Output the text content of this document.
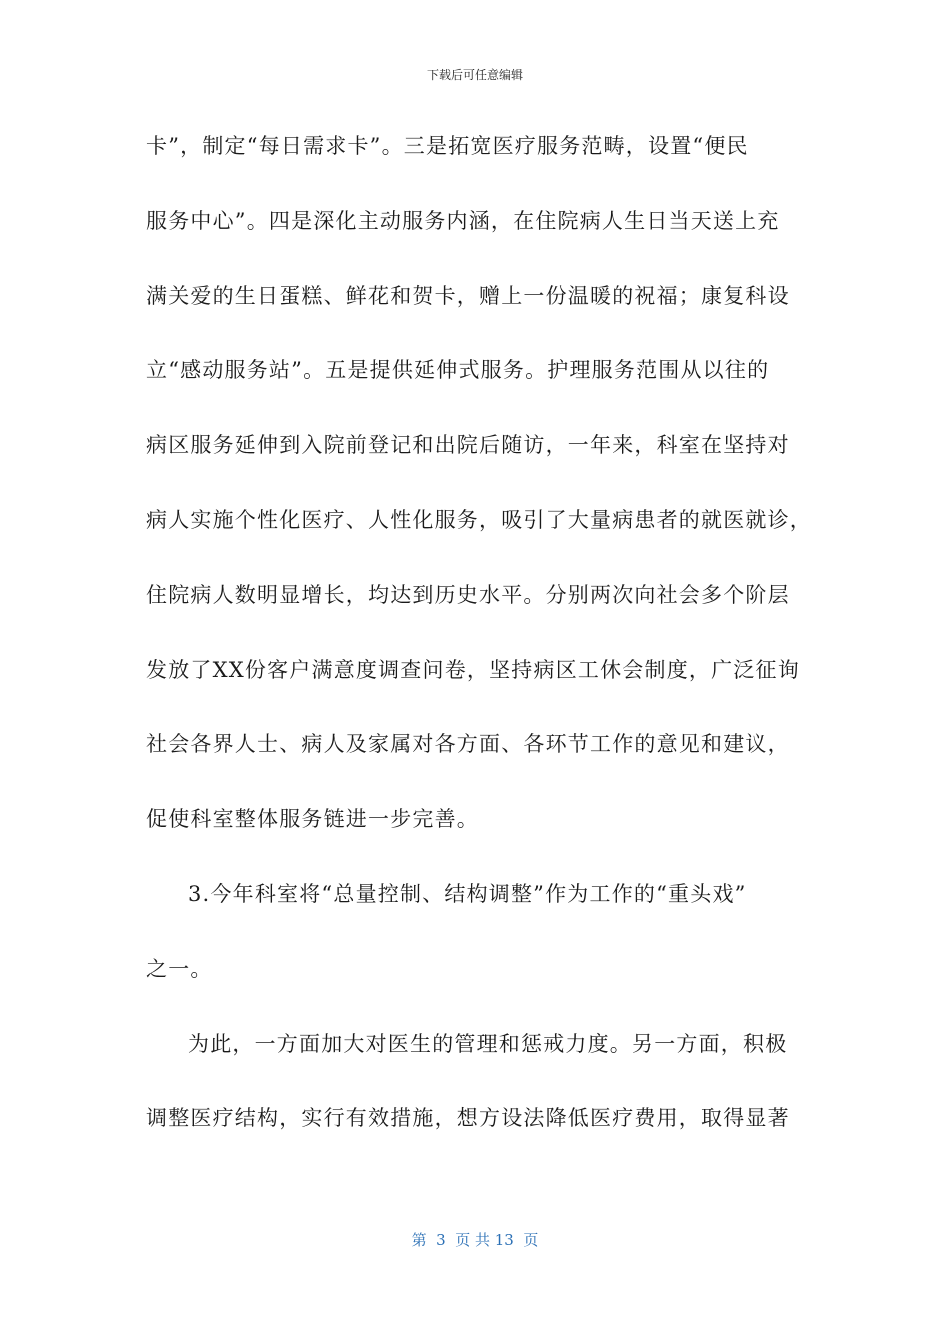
下载后可任意编辑
卡”，制定“每日需求卡”。三是拓宽医疗服务范畴，设置“便民
服务中心”。四是深化主动服务内涵，在住院病人生日当天送上充
满关爱的生日蛋糕、鲜花和贺卡，赠上一份温暖的祝福；康复科设
立“感动服务站”。五是提供延伸式服务。护理服务范围从以往的
病区服务延伸到入院前登记和出院后随访，一年来，科室在坚持对
病人实施个性化医疗、人性化服务，吸引了大量病患者的就医就诊，
住院病人数明显增长，均达到历史水平。分别两次向社会多个阶层
发放了XX份客户满意度调查问卷，坚持病区工休会制度，广泛征询
社会各界人士、病人及家属对各方面、各环节工作的意见和建议，
促使科室整体服务链进一步完善。
3.今年科室将“总量控制、结构调整”作为工作的“重头戏”
之一。
为此，一方面加大对医生的管理和惩戒力度。另一方面，积极
调整医疗结构，实行有效措施，想方设法降低医疗费用，取得显著
第  3  页 共 13  页
